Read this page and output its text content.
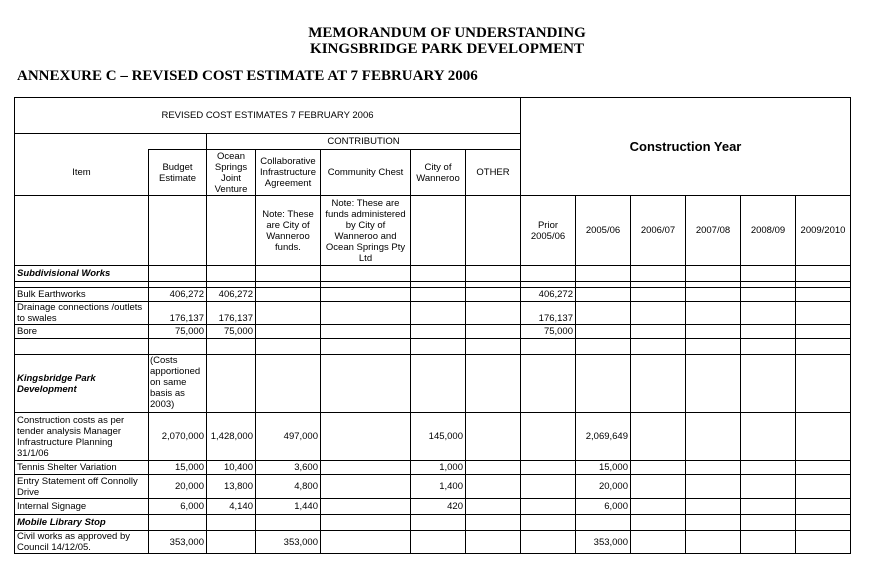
MEMORANDUM OF UNDERSTANDING
KINGSBRIDGE PARK DEVELOPMENT
ANNEXURE C – REVISED COST ESTIMATE AT 7 FEBRUARY 2006
REVISED COST ESTIMATES 7 FEBRUARY 2006							Construction Year					
		CONTRIBUTION										
Item	Budget Estimate	Ocean Springs Joint Venture	Collaborative Infrastructure Agreement	Community Chest	City of Wanneroo	OTHER						
			Note: These are City of Wanneroo funds.	Note: These are funds administered by City of Wanneroo and Ocean Springs Pty Ltd			Prior 2005/06	2005/06	2006/07	2007/08	2008/09	2009/2010
Subdivisional Works												

Bulk Earthworks	406,272	406,272					406,272					
Drainage connections /outlets to swales	176,137	176,137					176,137					
Bore	75,000	75,000					75,000					

Kingsbridge Park Development	(Costs apportioned on same basis as 2003)											
Construction costs as per tender analysis Manager Infrastructure Planning 31/1/06	2,070,000	1,428,000	497,000		145,000			2,069,649				
Tennis Shelter Variation	15,000	10,400	3,600		1,000			15,000				
Entry Statement off Connolly Drive	20,000	13,800	4,800		1,400			20,000				
Internal Signage	6,000	4,140	1,440		420			6,000				
Mobile Library Stop												
Civil works as approved by Council 14/12/05.	353,000		353,000					353,000				
